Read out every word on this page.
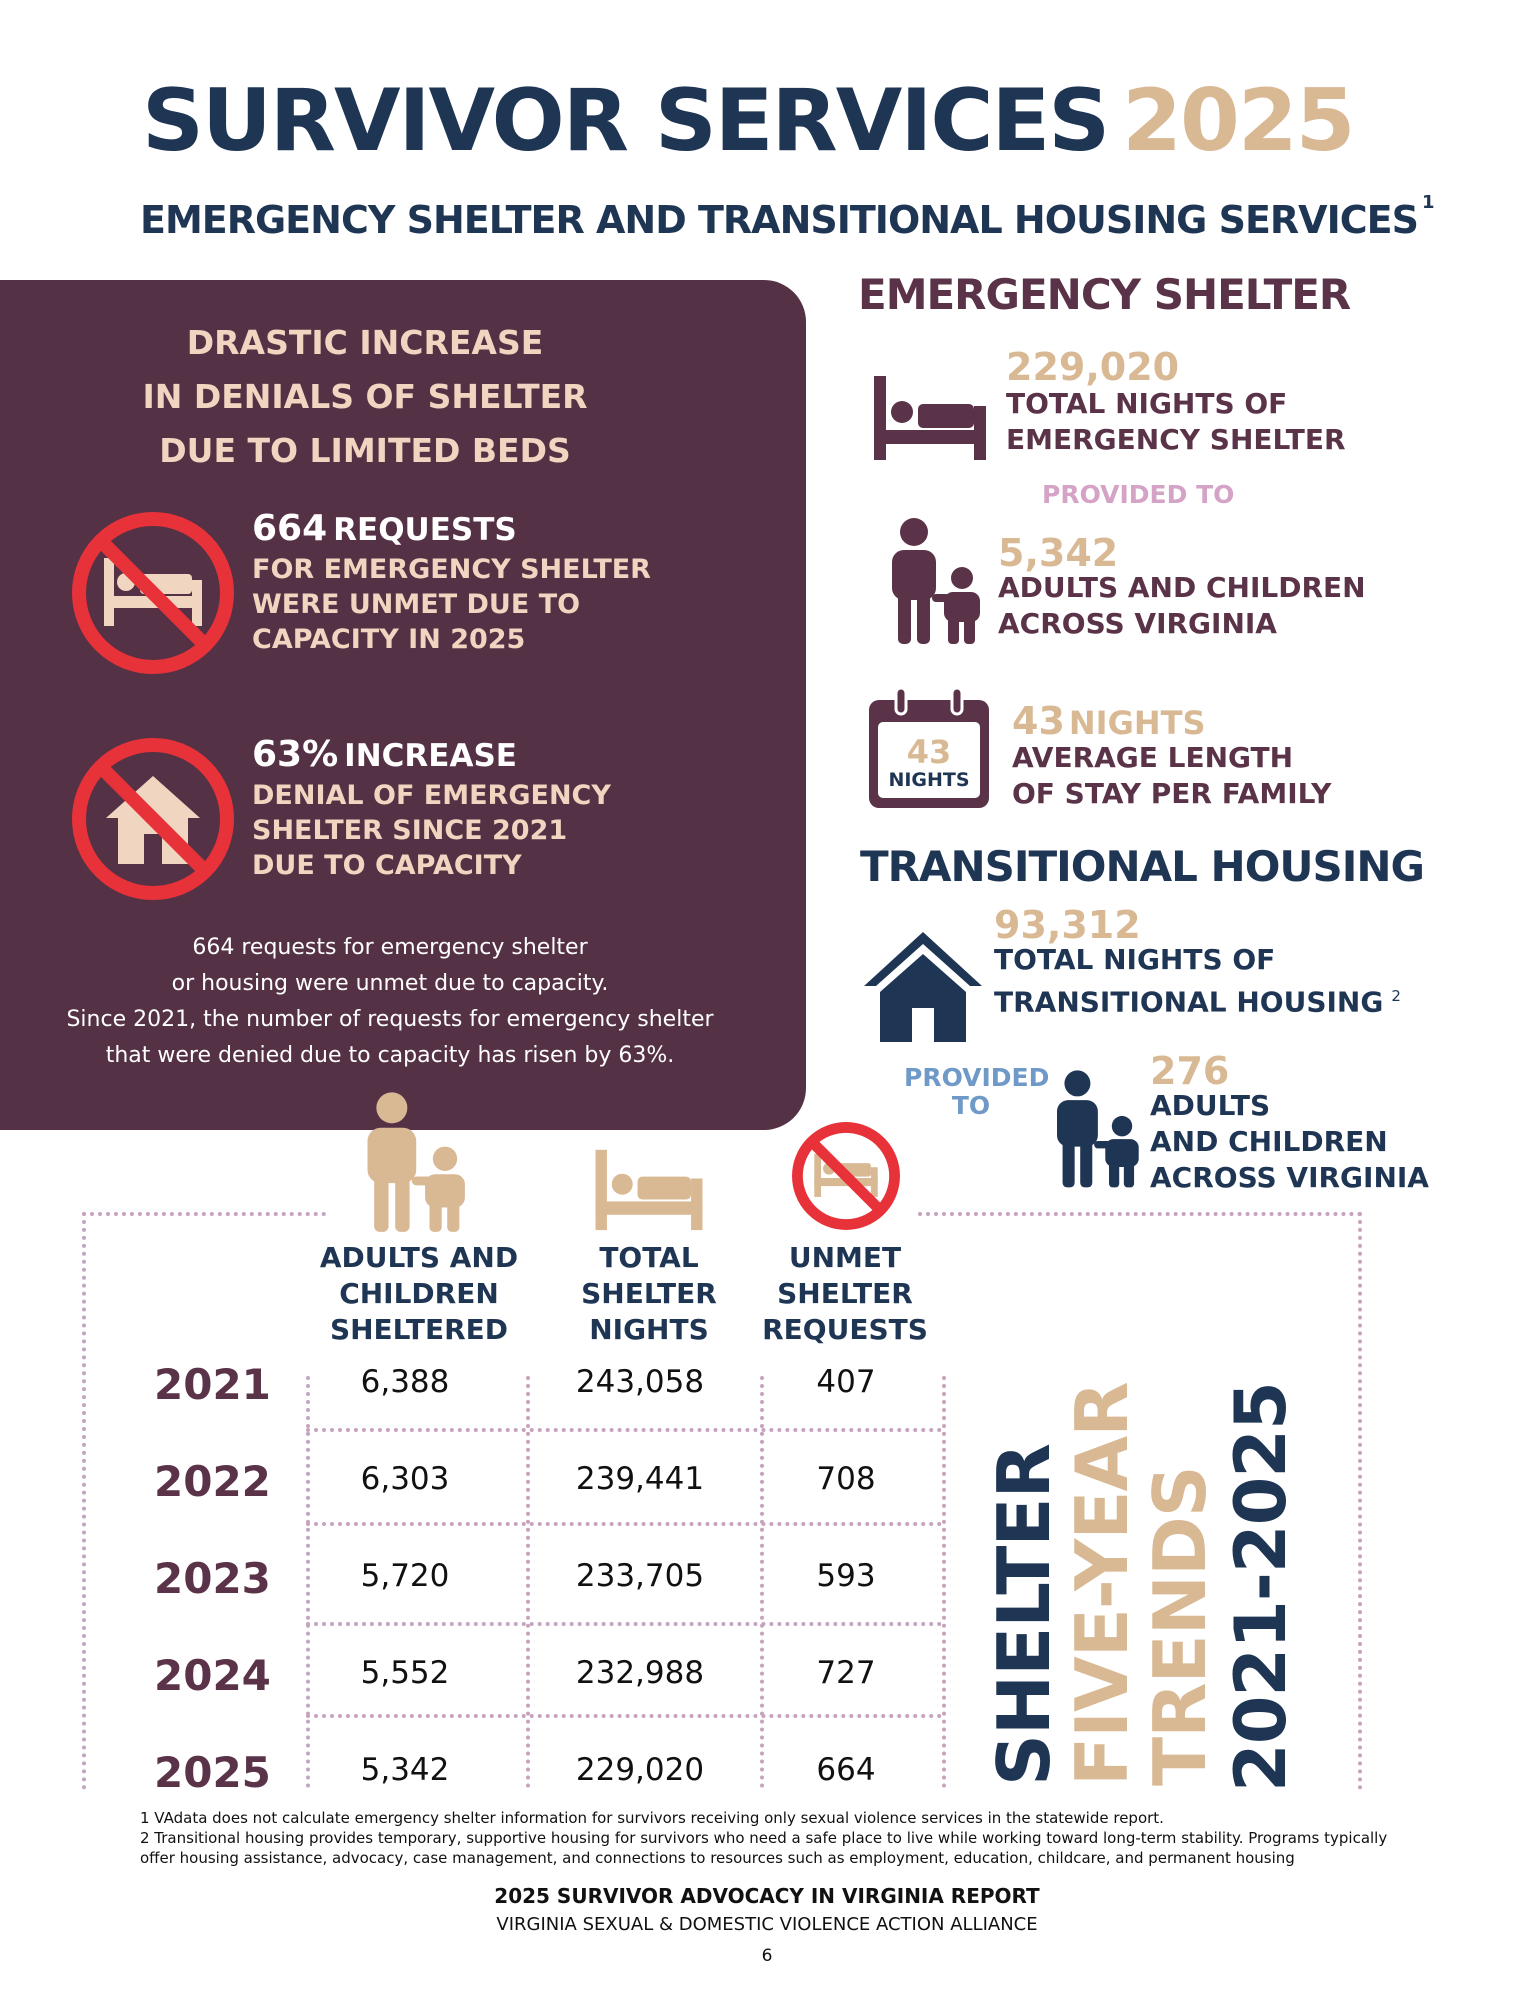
SURVIVOR SERVICES 2025
EMERGENCY SHELTER AND TRANSITIONAL HOUSING SERVICES $^1$
DRASTIC INCREASE
IN DENIALS OF SHELTER
DUE TO LIMITED BEDS
664 REQUESTS
FOR EMERGENCY SHELTER
WERE UNMET DUE TO
CAPACITY IN 2025
63% INCREASE
DENIAL OF EMERGENCY
SHELTER SINCE 2021
DUE TO CAPACITY
664 requests for emergency shelter
or housing were unmet due to capacity.
Since 2021, the number of requests for emergency shelter
that were denied due to capacity has risen by 63%.
EMERGENCY SHELTER
229,020
TOTAL NIGHTS OF
EMERGENCY SHELTER
PROVIDED TO
5,342
ADULTS AND CHILDREN
ACROSS VIRGINIA
43
NIGHTS
43 NIGHTS
AVERAGE LENGTH
OF STAY PER FAMILY
TRANSITIONAL HOUSING
93,312
TOTAL NIGHTS OF
TRANSITIONAL HOUSING $^2$
PROVIDED
TO
276
ADULTS
AND CHILDREN
ACROSS VIRGINIA
ADULTS AND
CHILDREN
SHELTERED
TOTAL
SHELTER
NIGHTS
UNMET
SHELTER
REQUESTS
2021	6,388	243,058	407
2022	6,303	239,441	708
2023	5,720	233,705	593
2024	5,552	232,988	727
2025	5,342	229,020	664	SHELTER
FIVE-YEAR
TRENDS
2021-2025
1 VAdata does not calculate emergency shelter information for survivors receiving only sexual violence services in the statewide report.
2 Transitional housing provides temporary, supportive housing for survivors who need a safe place to live while working toward long-term stability. Programs typically
offer housing assistance, advocacy, case management, and connections to resources such as employment, education, childcare, and permanent housing
2025 SURVIVOR ADVOCACY IN VIRGINIA REPORT
VIRGINIA SEXUAL & DOMESTIC VIOLENCE ACTION ALLIANCE
6
